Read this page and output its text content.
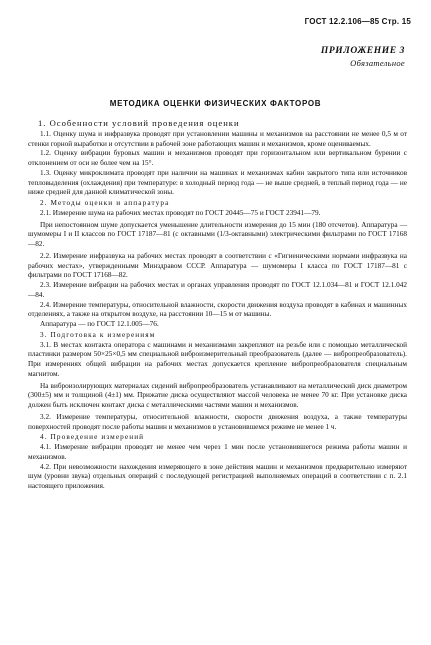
ГОСТ 12.2.106—85 Стр. 15
ПРИЛОЖЕНИЕ 3
Обязательное
МЕТОДИКА ОЦЕНКИ ФИЗИЧЕСКИХ ФАКТОРОВ

1. Особенности условий проведения оценки

1.1. Оценку шума и инфразвука проводят при установлении машины и механизмов на расстоянии не менее 0,5 м от стенки горной выработки и отсутствии в рабочей зоне работающих машин и механизмов, кроме оцениваемых.

1.2. Оценку вибрации буровых машин и механизмов проводят при горизонтальном или вертикальном бурении с отклонением от оси не более чем на 15°.

1.3. Оценку микроклимата проводят при наличии на машинах и механизмах кабин закрытого типа или источников тепловыделения (охлаждения) при температуре: в холодный период года — не выше средней, в теплый период года — не ниже средней для данной климатической зоны.

2. Методы оценки и аппаратура

2.1. Измерение шума на рабочих местах проводят по ГОСТ 20445—75 и ГОСТ 23941—79.

При непостоянном шуме допускается уменьшение длительности измерения до 15 мин (180 отсчетов). Аппаратура — шумомеры I и II классов по ГОСТ 17187—81 (с октавными (1/3-октавными) электрическими фильтрами по ГОСТ 17168—82.

2.2. Измерение инфразвука на рабочих местах проводят в соответствии с «Гигиеническими нормами инфразвука на рабочих местах», утвержденными Минздравом СССР. Аппаратура — шумомеры I класса по ГОСТ 17187—81 с фильтрами по ГОСТ 17168—82.

2.3. Измерение вибрации на рабочих местах и органах управления проводят по ГОСТ 12.1.034—81 и ГОСТ 12.1.042—84.

2.4. Измерение температуры, относительной влажности, скорости движения воздуха проводят в кабинах и машинных отделениях, а также на открытом воздухе, на расстоянии 10—15 м от машины.

Аппаратура — по ГОСТ 12.1.005—76.

3. Подготовка к измерениям

3.1. В местах контакта оператора с машинами и механизмами закрепляют на резьбе или с помощью металлической пластинки размером 50×25×0,5 мм специальной виброизмерительный преобразователь (далее — вибропреобразователь). При измерениях общей вибрации на рабочих местах допускается крепление вибропреобразователя специальным магнитом.

На виброизолирующих материалах сидений вибропреобразователь устанавливают на металлический диск диаметром (300±5) мм и толщиной (4±1) мм. Прижатие диска осуществляют массой человека не менее 70 кг. При установке диска должен быть исключен контакт диска с металлическими частями машин и механизмов.

3.2. Измерение температуры, относительной влажности, скорости движения воздуха, а также температуры поверхностей проводят после работы машин и механизмов в установившемся режиме не менее 1 ч.

4. Проведение измерений

4.1. Измерение вибрации проводят не менее чем через 1 мин после установившегося режима работы машин и механизмов.

4.2. При невозможности нахождения измеряющего в зоне действия машин и механизмов предварительно измеряют шум (уровни звука) отдельных операций с последующей регистрацией выполняемых операций в соответствии с п. 2.1 настоящего приложения.
